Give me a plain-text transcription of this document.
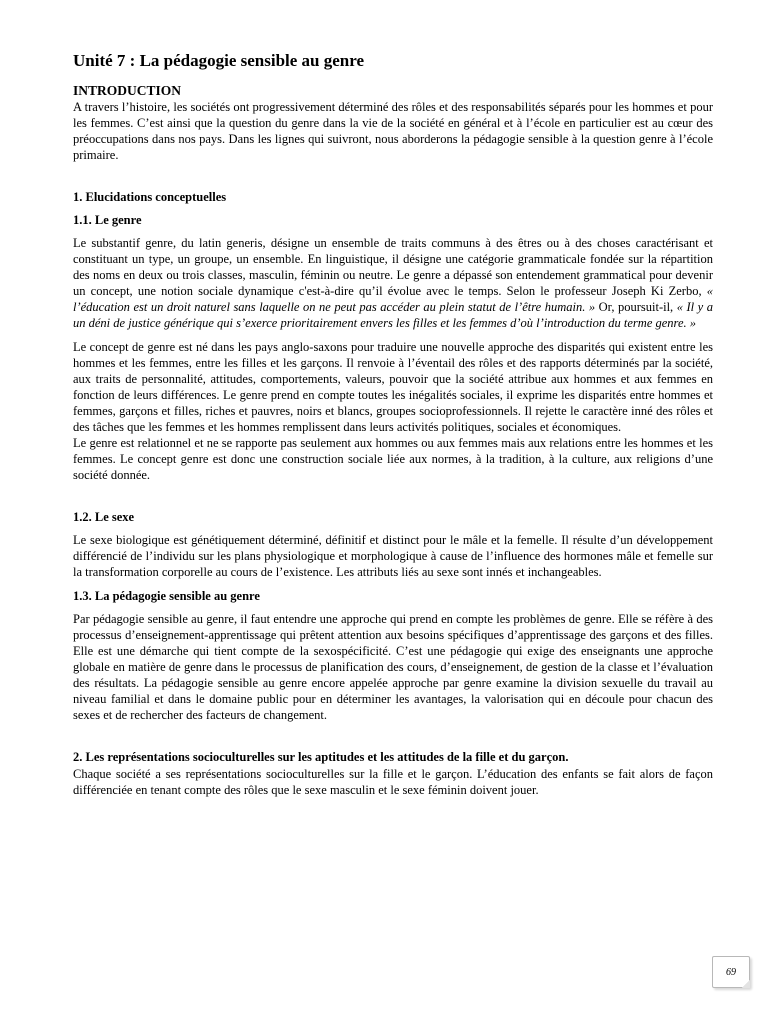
Unité 7 : La pédagogie sensible au genre
INTRODUCTION

A travers l’histoire, les sociétés ont progressivement déterminé des rôles et des responsabilités séparés pour les hommes et pour les femmes. C’est ainsi que la question du genre dans la vie de la société en général et à l’école en particulier est au cœur des préoccupations dans nos pays. Dans les lignes qui suivront, nous aborderons la pédagogie sensible à la question genre à l’école primaire.

1. Elucidations conceptuelles
1.1. Le genre

Le substantif genre, du latin generis, désigne un ensemble de traits communs à des êtres ou à des choses caractérisant et constituant un type, un groupe, un ensemble. En linguistique, il désigne une catégorie grammaticale fondée sur la répartition des noms en deux ou trois classes, masculin, féminin ou neutre. Le genre a dépassé son entendement grammatical pour devenir un concept, une notion sociale dynamique c'est-à-dire qu’il évolue avec le temps. Selon le professeur Joseph Ki Zerbo, « l’éducation est un droit naturel sans laquelle on ne peut pas accéder au plein statut de l’être humain. » Or, poursuit-il, « Il y a un déni de justice générique qui s’exerce prioritairement envers les filles et les femmes d’où l’introduction du terme genre. »

Le concept de genre est né dans les pays anglo-saxons pour traduire une nouvelle approche des disparités qui existent entre les hommes et les femmes, entre les filles et les garçons. Il renvoie à l’éventail des rôles et des rapports déterminés par la société, aux traits de personnalité, attitudes, comportements, valeurs, pouvoir que la société attribue aux hommes et aux femmes en fonction de leurs différences. Le genre prend en compte toutes les inégalités sociales, il exprime les disparités entre hommes et femmes, garçons et filles, riches et pauvres, noirs et blancs, groupes socioprofessionnels. Il rejette le caractère inné des rôles et des tâches que les femmes et les hommes remplissent dans leurs activités politiques, sociales et économiques.

Le genre est relationnel et ne se rapporte pas seulement aux hommes ou aux femmes mais aux relations entre les hommes et les femmes. Le concept genre est donc une construction sociale liée aux normes, à la tradition, à la culture, aux religions d’une société donnée.

1.2. Le sexe

Le sexe biologique est génétiquement déterminé, définitif et distinct pour le mâle et la femelle. Il résulte d’un développement différencié de l’individu sur les plans physiologique et morphologique à cause de l’influence des hormones mâle et femelle sur la transformation corporelle au cours de l’existence. Les attributs liés au sexe sont innés et inchangeables.

1.3. La pédagogie sensible au genre

Par pédagogie sensible au genre, il faut entendre une approche qui prend en compte les problèmes de genre. Elle se réfère à des processus d’enseignement-apprentissage qui prêtent attention aux besoins spécifiques d’apprentissage des garçons et des filles. Elle est une démarche qui tient compte de la sexospécificité. C’est une pédagogie qui exige des enseignants une approche globale en matière de genre dans le processus de planification des cours, d’enseignement, de gestion de la classe et l’évaluation des résultats. La pédagogie sensible au genre encore appelée approche par genre examine la division sexuelle du travail au niveau familial et dans le domaine public pour en déterminer les avantages, la valorisation qui en découle pour chacun des sexes et de rechercher des facteurs de changement.

2. Les représentations socioculturelles sur les aptitudes et les attitudes de la fille et du garçon.

Chaque société a ses représentations socioculturelles sur la fille et le garçon. L’éducation des enfants se fait alors de façon différenciée en tenant compte des rôles que le sexe masculin et le sexe féminin doivent jouer.

69
